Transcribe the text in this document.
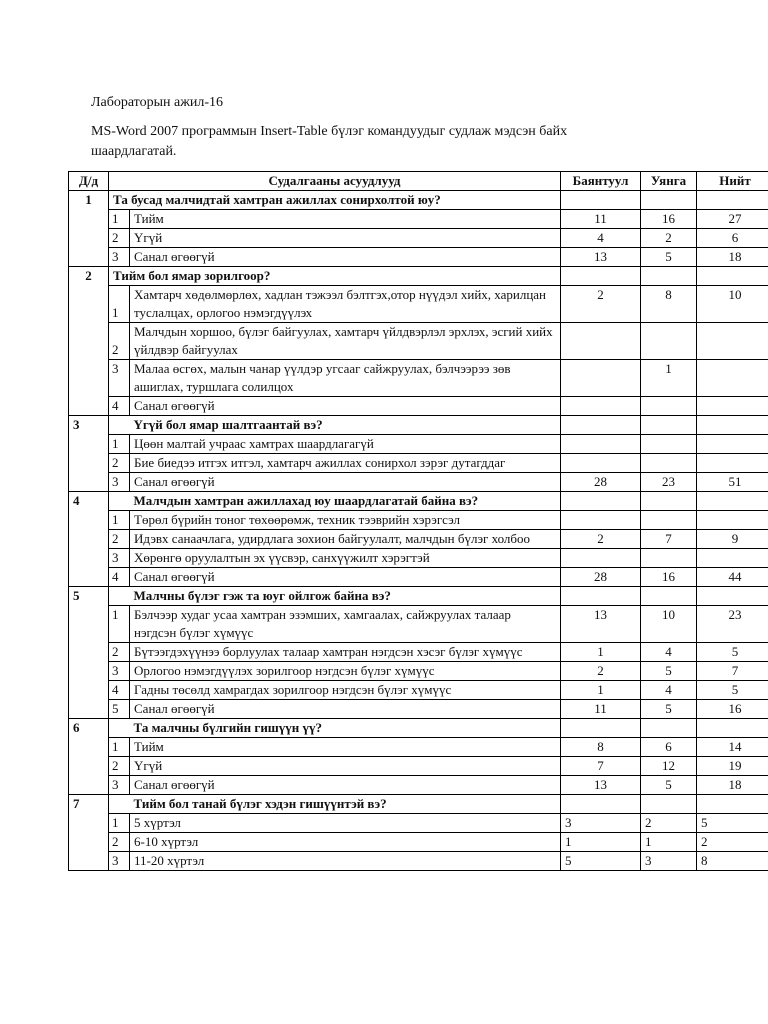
Лабораторын ажил-16
MS-Word 2007 программын Insert-Table бүлэг командуудыг судлаж мэдсэн байх шаардлагатай.
Д/д	Судалгааны асуудлууд		Баянтуул	Уянга	Нийт
1	Та бусад малчидтай хамтран ажиллах сонирхолтой юу?				
	1	Тийм	11	16	27
	2	Үгүй	4	2	6
	3	Санал өгөөгүй	13	5	18
2	Тийм бол ямар зорилгоор?				
	1	Хамтарч хөдөлмөрлөх, хадлан тэжээл бэлтгэх,отор нүүдэл хийх, харилцан туслалцах, орлогоо нэмэгдүүлэх	2	8	10
	2	Малчдын хоршоо, бүлэг байгуулах, хамтарч үйлдвэрлэл эрхлэх, эсгий хийх үйлдвэр байгуулах			
	3	Малаа өсгөх, малын чанар үүлдэр угсааг сайжруулах, бэлчээрээ зөв ашиглах, туршлага солилцох		1	
	4	Санал өгөөгүй			
3		Үгүй бол ямар шалтгаантай вэ?			
	1	Цөөн малтай учраас хамтрах шаардлагагүй			
	2	Бие биедээ итгэх итгэл, хамтарч ажиллах сонирхол зэрэг дутагддаг			
	3	Санал өгөөгүй	28	23	51
4		Малчдын хамтран ажиллахад юу шаардлагатай байна вэ?			
	1	Төрөл бүрийн тоног төхөөрөмж, техник тээврийн хэрэгсэл			
	2	Идэвх санаачлага, удирдлага зохион байгуулалт, малчдын бүлэг холбоо	2	7	9
	3	Хөрөнгө оруулалтын эх үүсвэр, санхүүжилт хэрэгтэй			
	4	Санал өгөөгүй	28	16	44
5		Малчны бүлэг гэж та юуг ойлгож байна вэ?			
	1	Бэлчээр худаг усаа хамтран эзэмших, хамгаалах, сайжруулах талаар нэгдсэн бүлэг хүмүүс	13	10	23
	2	Бүтээгдэхүүнээ борлуулах талаар хамтран нэгдсэн хэсэг бүлэг хүмүүс	1	4	5
	3	Орлогоо нэмэгдүүлэх зорилгоор нэгдсэн бүлэг хүмүүс	2	5	7
	4	Гадны төсөлд хамрагдах зорилгоор нэгдсэн бүлэг хүмүүс	1	4	5
	5	Санал өгөөгүй	11	5	16
6		Та малчны бүлгийн гишүүн үү?			
	1	Тийм	8	6	14
	2	Үгүй	7	12	19
	3	Санал өгөөгүй	13	5	18
7		Тийм бол танай бүлэг хэдэн гишүүнтэй вэ?			
	1	5 хүртэл	3	2	5
	2	6-10 хүртэл	1	1	2
	3	11-20 хүртэл	5	3	8
